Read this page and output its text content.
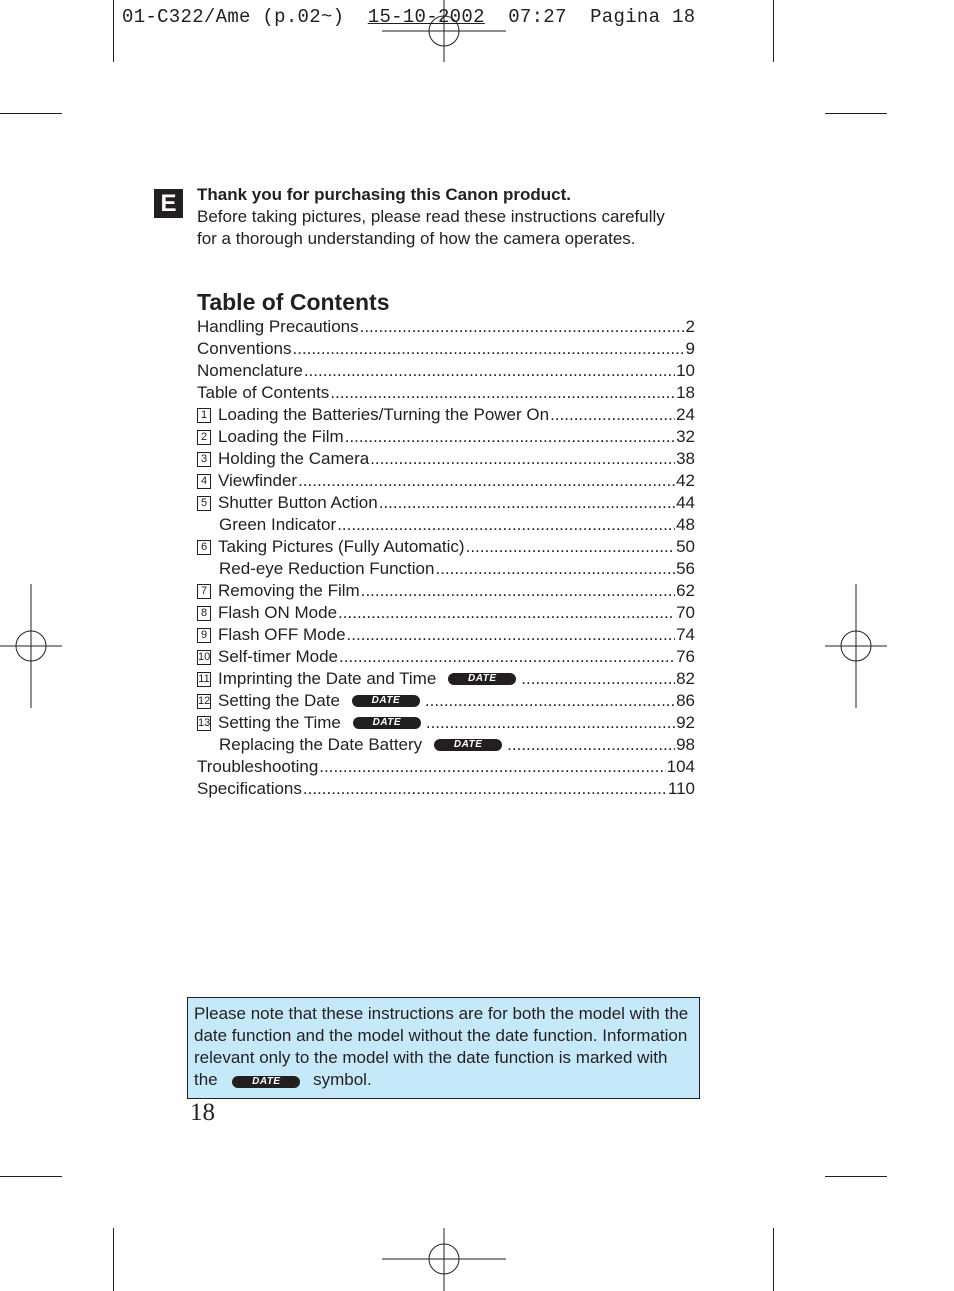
01-C322/Ame (p.02~) 15-10-2002 07:27 Pagina 18
E	Thank you for purchasing this Canon product.
Before taking pictures, please read these instructions carefully for a thorough understanding of how the camera operates.
Table of Contents
Handling Precautions .....	2
Conventions .....	9
Nomenclature .....	10
Table of Contents .....	18
1 Loading the Batteries/Turning the Power On .....	24
2 Loading the Film .....	32
3 Holding the Camera .....	38
4 Viewfinder .....	42
5 Shutter Button Action .....	44
Green Indicator .....	48
6 Taking Pictures (Fully Automatic) .....	50
Red-eye Reduction Function .....	56
7 Removing the Film .....	62
8 Flash ON Mode .....	70
9 Flash OFF Mode .....	74
10 Self-timer Mode .....	76
11 Imprinting the Date and Time	DATE .....	82
12 Setting the Date	DATE .....	86
13 Setting the Time	DATE .....	92
Replacing the Date Battery	DATE .....	98
Troubleshooting .....	104
Specifications .....	110
Please note that these instructions are for both the model with the date function and the model without the date function. Information relevant only to the model with the date function is marked with the	DATE symbol.
18
